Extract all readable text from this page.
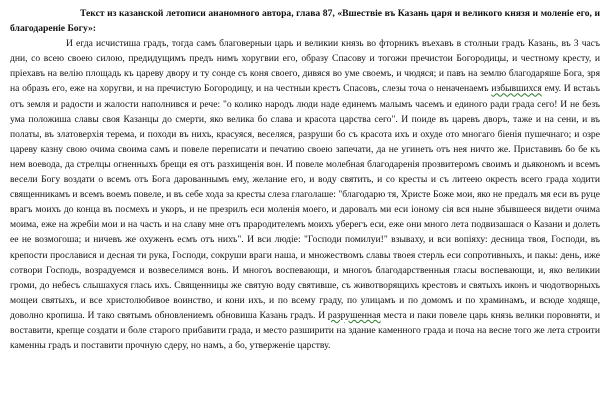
Текст из казанской летописи ананомного автора, глава 87, «Вшествіе въ Казань царя и великого князя и моленіе его, и благодареніе Богу»:

И егда исчистиша градъ, тогда самъ благоверныи царь и великии князь во фторникъ въехавъ в столныи градъ Казань, въ 3 часъ дни, со всею своею силою, предидущимъ предъ нимъ хоругвии его, образу Спасову и тогожи пречистои Богородицы, и честному кресту, и пріехавъ на велію площадь къ цареву двору и ту сонде съ коня своего, дивяся во уме своемъ, и чюдяся; и павъ на землю благодаряше Бога, зря на образъ его, еже на хоругви, и на пречистую Богородицу, и на честныи крестъ Спасовъ, слезы точа о неначенаемъ избывшихся ему. И встаьъ отъ земля и радости и жалости наполнився и рече: "о колико народъ люди наде единемъ малымъ часемъ и единого ради града сего! И не безъ ума положиша славы своя Казанцы до смерти, яко велика бо слава и красота царства сего". И поиде въ царевъ дворъ, таже и на сени, и въ полаты, въ златоверхія терема, и походи въ нихъ, красуяся, веселяся, разруши бо съ красота ихъ и охуде ото многаго біенія пушечнаго; и озре цареву казну свою очима своима самъ и повеле переписати и печатию своею запечати, да не угинеть отъ нея ничто же. Приставивъ бо бе къ нем воевода, да стрелцы огненныхъ брещи ея отъ разхищенія вон. И повеле молебная благодаренія прозвитеромъ своимъ и дьякономъ и всемъ весели Богу воздати о всемъ отъ Бога дарованнымъ ему, желание его, и воду святить, и со кресты и съ литеею окресть всего града ходити священникамъ и всемъ воемъ повеле, и въ себе хода за кресты слеза глаголаше: "благодарю тя, Христе Боже мои, яко не предалъ мя еси въ руце врагъ моихъ до конца въ посмехъ и укоръ, и не презрилъ еси моленія моего, и даровалъ ми еси іоному сія вся ныне збывшееся видети очима моима, еже на жребіи мои и на часть и на славу мне отъ прародителемъ моихъ уберегъ еси, еже они много лета подвизашася о Казани и долеть ее не возмогоша; и ничевъ же охуженъ есмъ отъ нихъ". И вси людіе: "Господи помилуи!" взываху, и вси вопіяху: десница твоя, Господи, въ крепости прославися и десная ти рука, Господи, сокруши враги наша, и множествомъ славы твоея стерль еси сопротивныхъ, и пакы: день, иже сотвори Господь, возрадуемся и возвеселимся вонь. И многоъ воспевающи, и многоъ благодарственныя гласы воспевающи, и, яко великии громи, до небесъ слышахуся глась ихъ. Священницы же святую воду святивше, съ животворящихъ крестовъ и святыхъ иконъ и чюдотворныхъ мощеи святыхъ, и все христолюбивое воинство, и кони ихъ, и по всему граду, по улицамъ и по домомъ и по храминамъ, и всюде ходяще, доволно кропиша. И тако святымъ обновлениемъ обновиша Казань градъ. И разрушенная места и паки повеле царь князь велики поровняти, и воставити, крепце создати и боле старого прибавити града, и место разширити на здание каменного града и поча на весне того же лета строити каменны градъ и поставити прочную сдеру, но намъ, а бо, утверженіе царству.
